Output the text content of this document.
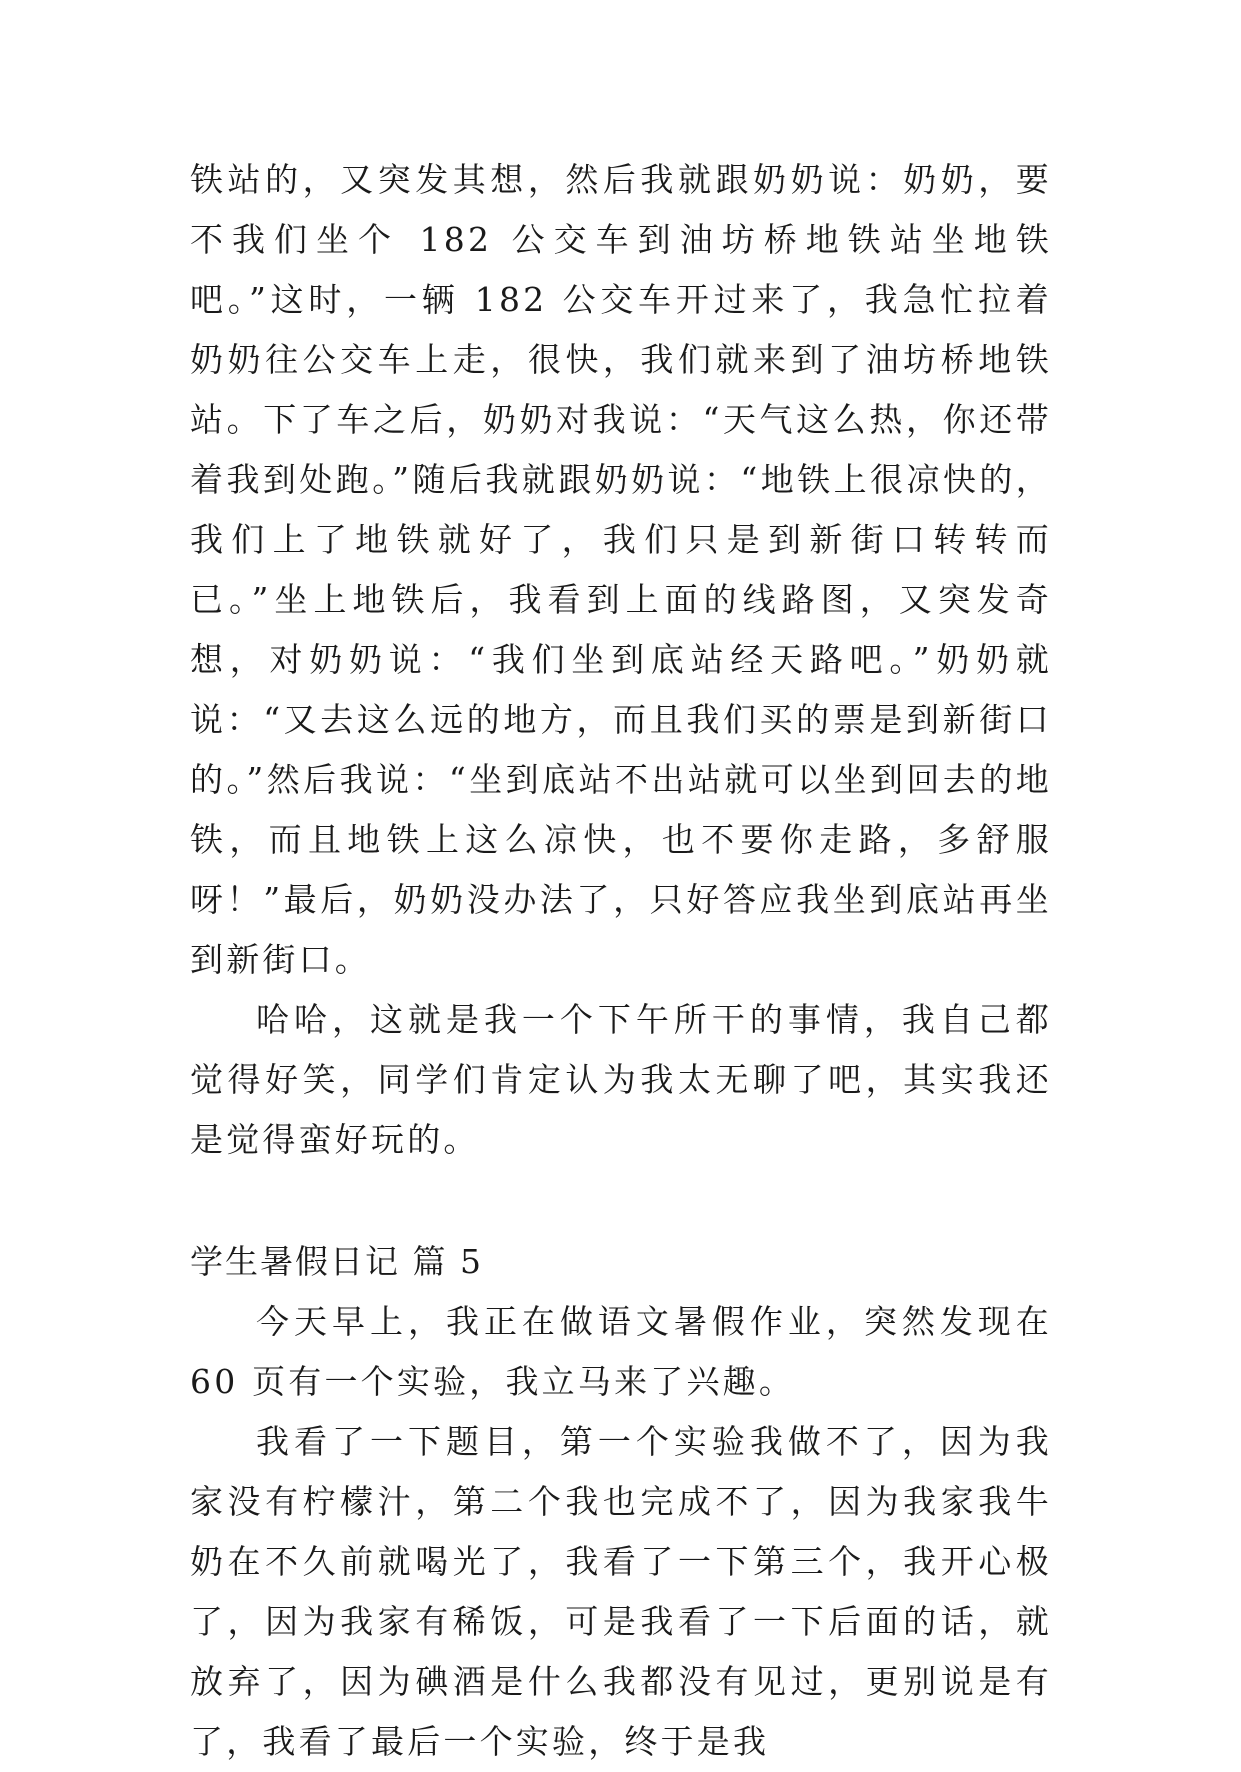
铁站的，又突发其想，然后我就跟奶奶说：奶奶，要不我们坐个 182 公交车到油坊桥地铁站坐地铁吧。”这时，一辆 182 公交车开过来了，我急忙拉着奶奶往公交车上走，很快，我们就来到了油坊桥地铁站。下了车之后，奶奶对我说：“天气这么热，你还带着我到处跑。”随后我就跟奶奶说：“地铁上很凉快的，我们上了地铁就好了，我们只是到新街口转转而已。”坐上地铁后，我看到上面的线路图，又突发奇想，对奶奶说：“我们坐到底站经天路吧。”奶奶就说：“又去这么远的地方，而且我们买的票是到新街口的。”然后我说：“坐到底站不出站就可以坐到回去的地铁，而且地铁上这么凉快，也不要你走路，多舒服呀！”最后，奶奶没办法了，只好答应我坐到底站再坐到新街口。

哈哈，这就是我一个下午所干的事情，我自己都觉得好笑，同学们肯定认为我太无聊了吧，其实我还是觉得蛮好玩的。

学生暑假日记 篇 5

今天早上，我正在做语文暑假作业，突然发现在 60 页有一个实验，我立马来了兴趣。

我看了一下题目，第一个实验我做不了，因为我家没有柠檬汁，第二个我也完成不了，因为我家我牛奶在不久前就喝光了，我看了一下第三个，我开心极了，因为我家有稀饭，可是我看了一下后面的话，就放弃了，因为碘酒是什么我都没有见过，更别说是有了，我看了最后一个实验，终于是我
